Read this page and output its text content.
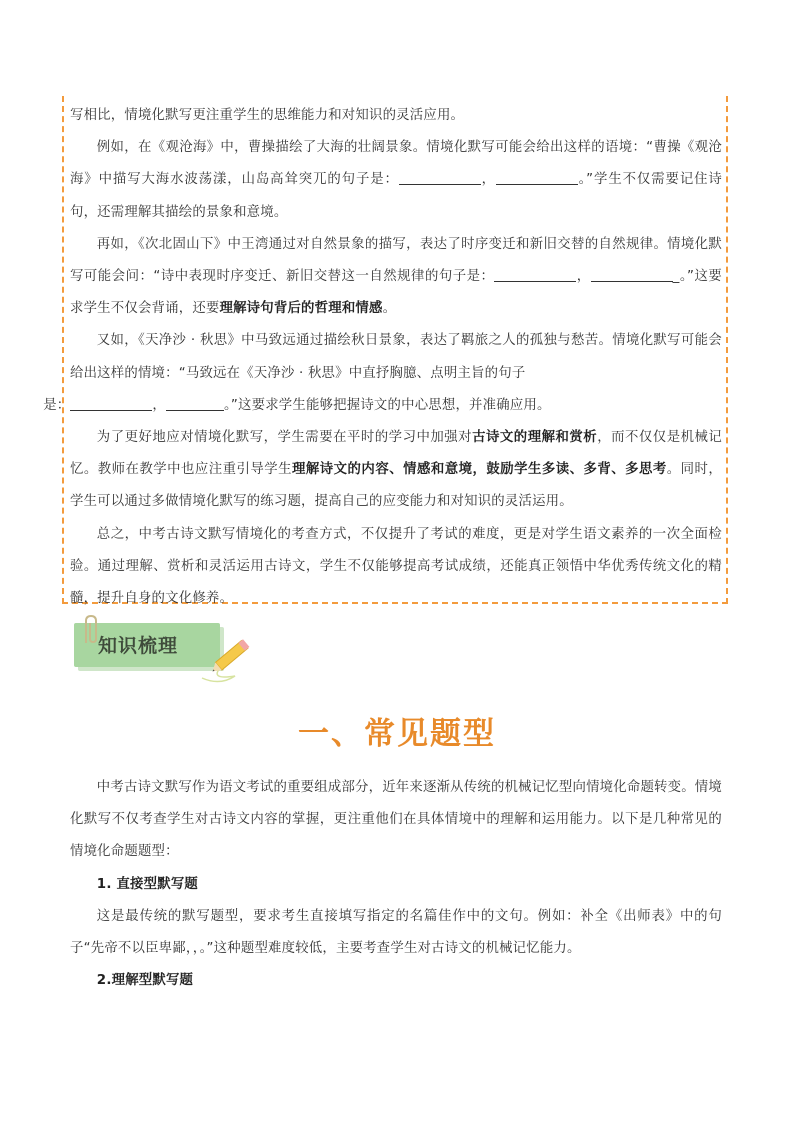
写相比，情境化默写更注重学生的思维能力和对知识的灵活应用。

例如，在《观沧海》中，曹操描绘了大海的壮阔景象。情境化默写可能会给出这样的语境：“曹操《观沧海》中描写大海水波荡漾，山岛高耸突兀的句子是：	，	。”学生不仅需要记住诗句，还需理解其描绘的景象和意境。

再如，《次北固山下》中王湾通过对自然景象的描写，表达了时序变迁和新旧交替的自然规律。情境化默写可能会问：“诗中表现时序变迁、新旧交替这一自然规律的句子是：	，	_。”这要求学生不仅会背诵，还要理解诗句背后的哲理和情感。

又如，《天净沙 · 秋思》中马致远通过描绘秋日景象，表达了羁旅之人的孤独与愁苦。情境化默写可能会给出这样的情境：“马致远在《天净沙 · 秋思》中直抒胸臆、点明主旨的句子
是：	，	。”这要求学生能够把握诗文的中心思想，并准确应用。

为了更好地应对情境化默写，学生需要在平时的学习中加强对古诗文的理解和赏析，而不仅仅是机械记忆。教师在教学中也应注重引导学生理解诗文的内容、情感和意境，鼓励学生多读、多背、多思考。同时，学生可以通过多做情境化默写的练习题，提高自己的应变能力和对知识的灵活运用。

总之，中考古诗文默写情境化的考查方式，不仅提升了考试的难度，更是对学生语文素养的一次全面检验。通过理解、赏析和灵活运用古诗文，学生不仅能够提高考试成绩，还能真正领悟中华优秀传统文化的精髓，提升自身的文化修养。

知识梳理
一、常见题型

中考古诗文默写作为语文考试的重要组成部分，近年来逐渐从传统的机械记忆型向情境化命题转变。情境化默写不仅考查学生对古诗文内容的掌握，更注重他们在具体情境中的理解和运用能力。以下是几种常见的情境化命题题型：

1. 直接型默写题

这是最传统的默写题型，要求考生直接填写指定的名篇佳作中的文句。例如：补全《出师表》中的句子“先帝不以臣卑鄙，，。”这种题型难度较低，主要考查学生对古诗文的机械记忆能力。

2.理解型默写题
